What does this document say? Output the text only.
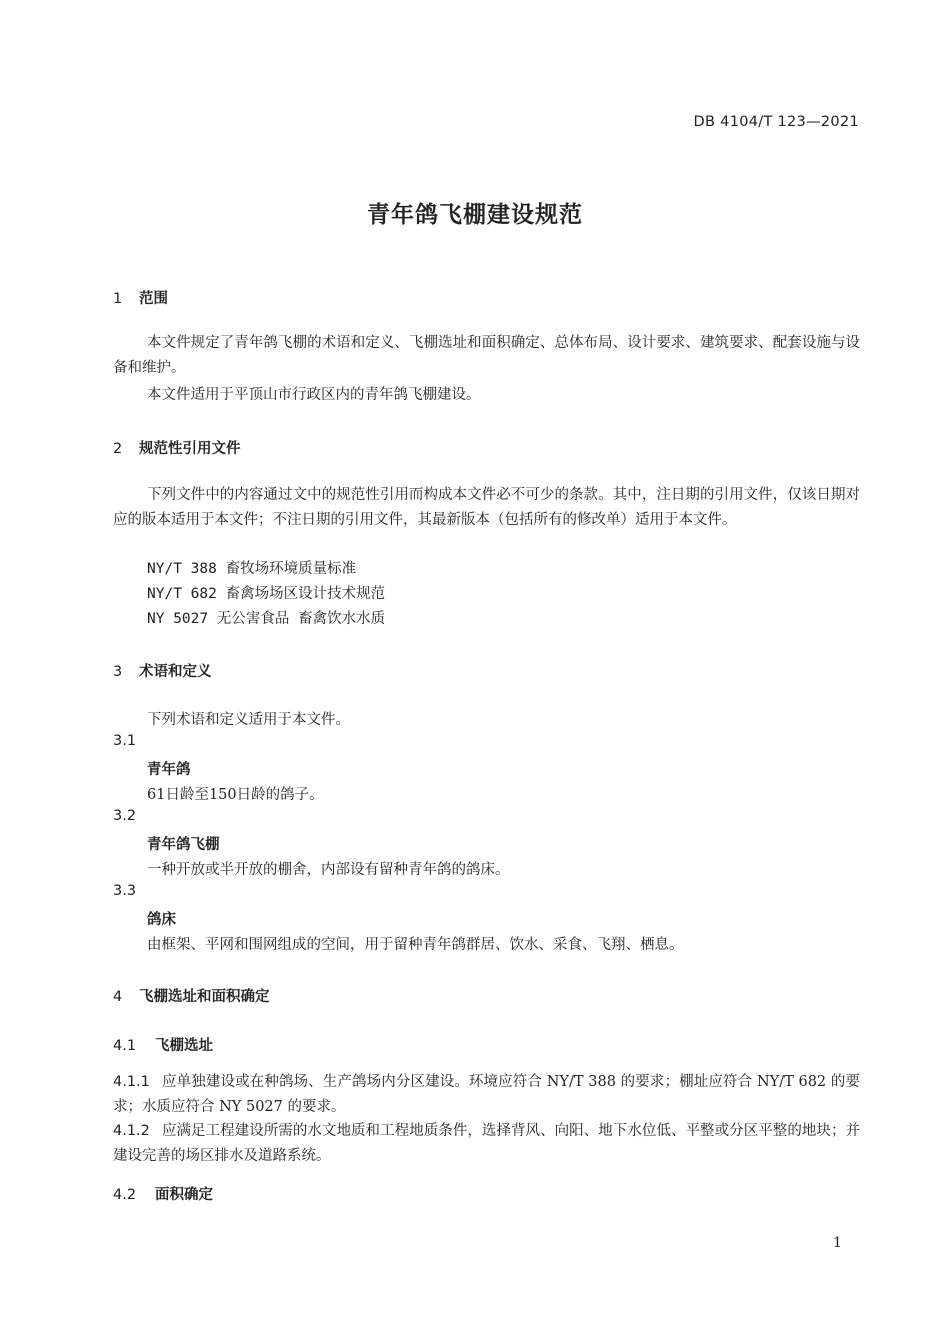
DB 4104/T 123—2021
青年鸽飞棚建设规范
1 范围
本文件规定了青年鸽飞棚的术语和定义、飞棚选址和面积确定、总体布局、设计要求、建筑要求、配套设施与设备和维护。
本文件适用于平顶山市行政区内的青年鸽飞棚建设。
2 规范性引用文件
下列文件中的内容通过文中的规范性引用而构成本文件必不可少的条款。其中，注日期的引用文件，仅该日期对应的版本适用于本文件；不注日期的引用文件，其最新版本（包括所有的修改单）适用于本文件。
NY/T 388 畜牧场环境质量标准
NY/T 682 畜禽场场区设计技术规范
NY 5027 无公害食品 畜禽饮水水质
3 术语和定义
下列术语和定义适用于本文件。
3.1
青年鸽
61日龄至150日龄的鸽子。
3.2
青年鸽飞棚
一种开放或半开放的棚舍，内部设有留种青年鸽的鸽床。
3.3
鸽床
由框架、平网和围网组成的空间，用于留种青年鸽群居、饮水、采食、飞翔、栖息。
4 飞棚选址和面积确定
4.1 飞棚选址
4.1.1 应单独建设或在种鸽场、生产鸽场内分区建设。环境应符合 NY/T 388 的要求；棚址应符合 NY/T 682 的要求；水质应符合 NY 5027 的要求。
4.1.2 应满足工程建设所需的水文地质和工程地质条件，选择背风、向阳、地下水位低、平整或分区平整的地块；并建设完善的场区排水及道路系统。
4.2 面积确定
1
